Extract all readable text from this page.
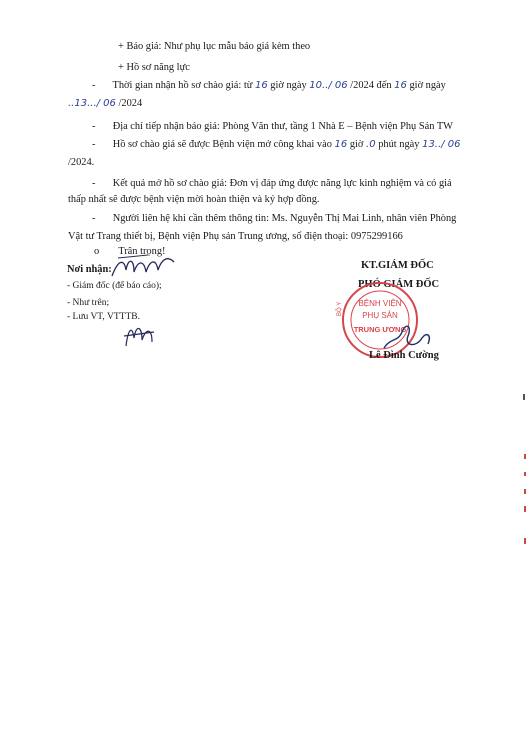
+ Báo giá: Như phụ lục mẫu báo giá kèm theo
+ Hồ sơ năng lực
- Thời gian nhận hồ sơ chào giá: từ 16 giờ ngày 10../ 06 /2024 đến 16 giờ ngày
..13.../ 06 /2024
- Địa chỉ tiếp nhận báo giá: Phòng Văn thư, tầng 1 Nhà E – Bệnh viện Phụ Sản TW
- Hồ sơ chào giá sẽ được Bệnh viện mở công khai vào 16 giờ .0 phút ngày 13../ 06
/2024.
- Kết quả mở hồ sơ chào giá: Đơn vị đáp ứng được năng lực kinh nghiệm và có giá
thấp nhất sẽ được bệnh viện mời hoàn thiện và ký hợp đồng.
- Người liên hệ khi cần thêm thông tin: Ms. Nguyễn Thị Mai Linh, nhân viên Phòng
Vật tư Trang thiết bị, Bệnh viện Phụ sản Trung ương, số điện thoại: 0975299166
o Trân trọng!
Nơi nhận:
- Giám đốc (để báo cáo);
- Như trên;
- Lưu VT, VTTTB.
KT.GIÁM ĐỐC
PHÓ GIÁM ĐỐC
BỆNH VIỆN
PHỤ SẢN
TRUNG ƯƠNG
BỘ Y
Lê Đình Cường
